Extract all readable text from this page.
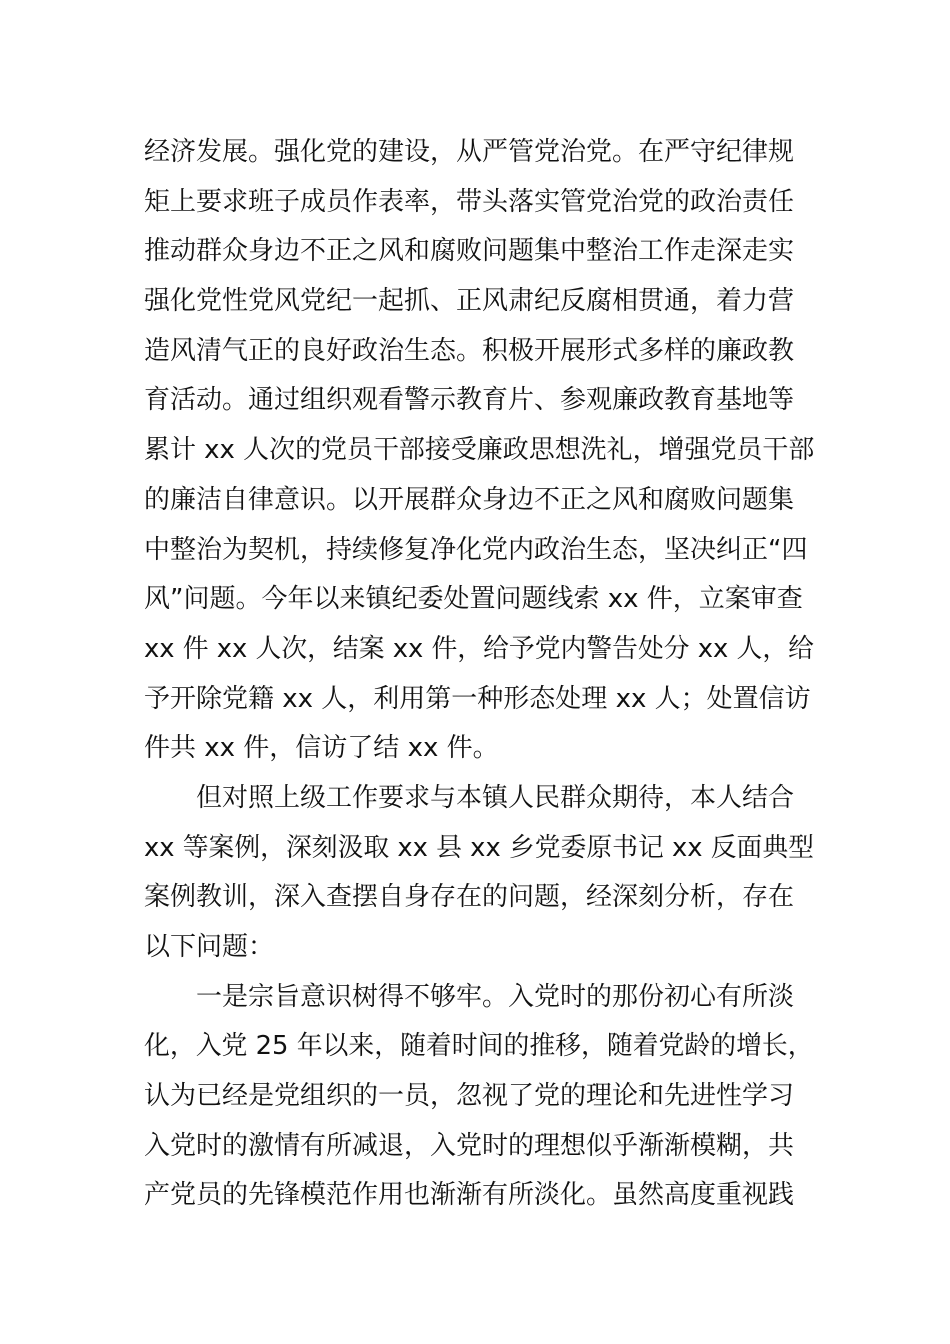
经济发展。强化党的建设，从严管党治党。在严守纪律规
矩上要求班子成员作表率，带头落实管党治党的政治责任
推动群众身边不正之风和腐败问题集中整治工作走深走实
强化党性党风党纪一起抓、正风肃纪反腐相贯通，着力营
造风清气正的良好政治生态。积极开展形式多样的廉政教
育活动。通过组织观看警示教育片、参观廉政教育基地等
累计 xx 人次的党员干部接受廉政思想洗礼，增强党员干部
的廉洁自律意识。以开展群众身边不正之风和腐败问题集
中整治为契机，持续修复净化党内政治生态，坚决纠正“四
风”问题。今年以来镇纪委处置问题线索 xx 件，立案审查
xx 件 xx 人次，结案 xx 件，给予党内警告处分 xx 人，给
予开除党籍 xx 人，利用第一种形态处理 xx 人；处置信访
件共 xx 件，信访了结 xx 件。
但对照上级工作要求与本镇人民群众期待，本人结合
xx 等案例，深刻汲取 xx 县 xx 乡党委原书记 xx 反面典型
案例教训，深入查摆自身存在的问题，经深刻分析，存在
以下问题：
一是宗旨意识树得不够牢。入党时的那份初心有所淡
化，入党 25 年以来，随着时间的推移，随着党龄的增长，
认为已经是党组织的一员，忽视了党的理论和先进性学习
入党时的激情有所减退，入党时的理想似乎渐渐模糊，共
产党员的先锋模范作用也渐渐有所淡化。虽然高度重视践
